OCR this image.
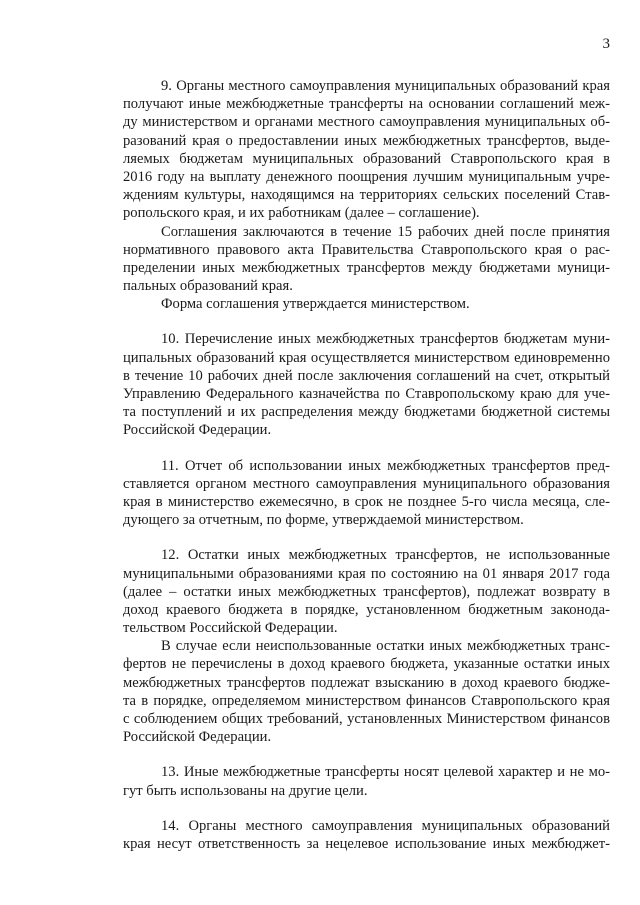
3
9. Органы местного самоуправления муниципальных образований края
получают иные межбюджетные трансферты на основании соглашений меж-
ду министерством и органами местного самоуправления муниципальных об-
разований края о предоставлении иных межбюджетных трансфертов, выде-
ляемых бюджетам муниципальных образований Ставропольского края в
2016 году на выплату денежного поощрения лучшим муниципальным учре-
ждениям культуры, находящимся на территориях сельских поселений Став-
ропольского края, и их работникам (далее – соглашение).
Соглашения заключаются в течение 15 рабочих дней после принятия
нормативного правового акта Правительства Ставропольского края о рас-
пределении иных межбюджетных трансфертов между бюджетами муници-
пальных образований края.
Форма соглашения утверждается министерством.
10. Перечисление иных межбюджетных трансфертов бюджетам муни-
ципальных образований края осуществляется министерством единовременно
в течение 10 рабочих дней после заключения соглашений на счет, открытый
Управлению Федерального казначейства по Ставропольскому краю для уче-
та поступлений и их распределения между бюджетами бюджетной системы
Российской Федерации.
11. Отчет об использовании иных межбюджетных трансфертов пред-
ставляется органом местного самоуправления муниципального образования
края в министерство ежемесячно, в срок не позднее 5-го числа месяца, сле-
дующего за отчетным, по форме, утверждаемой министерством.
12. Остатки иных межбюджетных трансфертов, не использованные
муниципальными образованиями края по состоянию на 01 января 2017 года
(далее – остатки иных межбюджетных трансфертов), подлежат возврату в
доход краевого бюджета в порядке, установленном бюджетным законода-
тельством Российской Федерации.
В случае если неиспользованные остатки иных межбюджетных транс-
фертов не перечислены в доход краевого бюджета, указанные остатки иных
межбюджетных трансфертов подлежат взысканию в доход краевого бюдже-
та в порядке, определяемом министерством финансов Ставропольского края
с соблюдением общих требований, установленных Министерством финансов
Российской Федерации.
13. Иные межбюджетные трансферты носят целевой характер и не мо-
гут быть использованы на другие цели.
14. Органы местного самоуправления муниципальных образований
края несут ответственность за нецелевое использование иных межбюджет-
